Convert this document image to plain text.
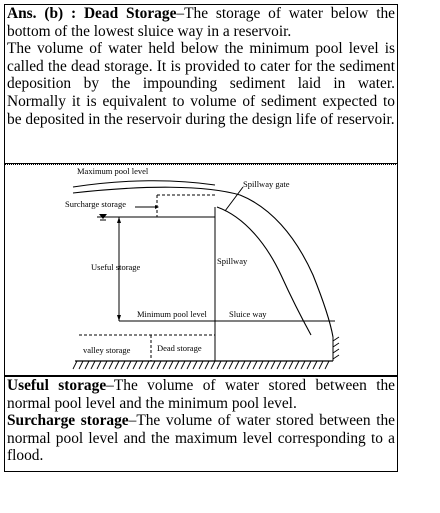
Ans. (b) : Dead Storage–The storage of water below the bottom of the lowest sluice way in a reservoir.
The volume of water held below the minimum pool level is called the dead storage. It is provided to cater for the sediment deposition by the impounding sediment laid in water. Normally it is equivalent to volume of sediment expected to be deposited in the reservoir during the design life of reservoir.
Maximum pool level
Spillway gate
Surcharge storage
Useful storage
Spillway
Minimum pool level	Sluice way
valley storage	Dead storage
Useful storage–The volume of water stored between the normal pool level and the minimum pool level.
Surcharge storage–The volume of water stored between the normal pool level and the maximum level corresponding to a flood.
